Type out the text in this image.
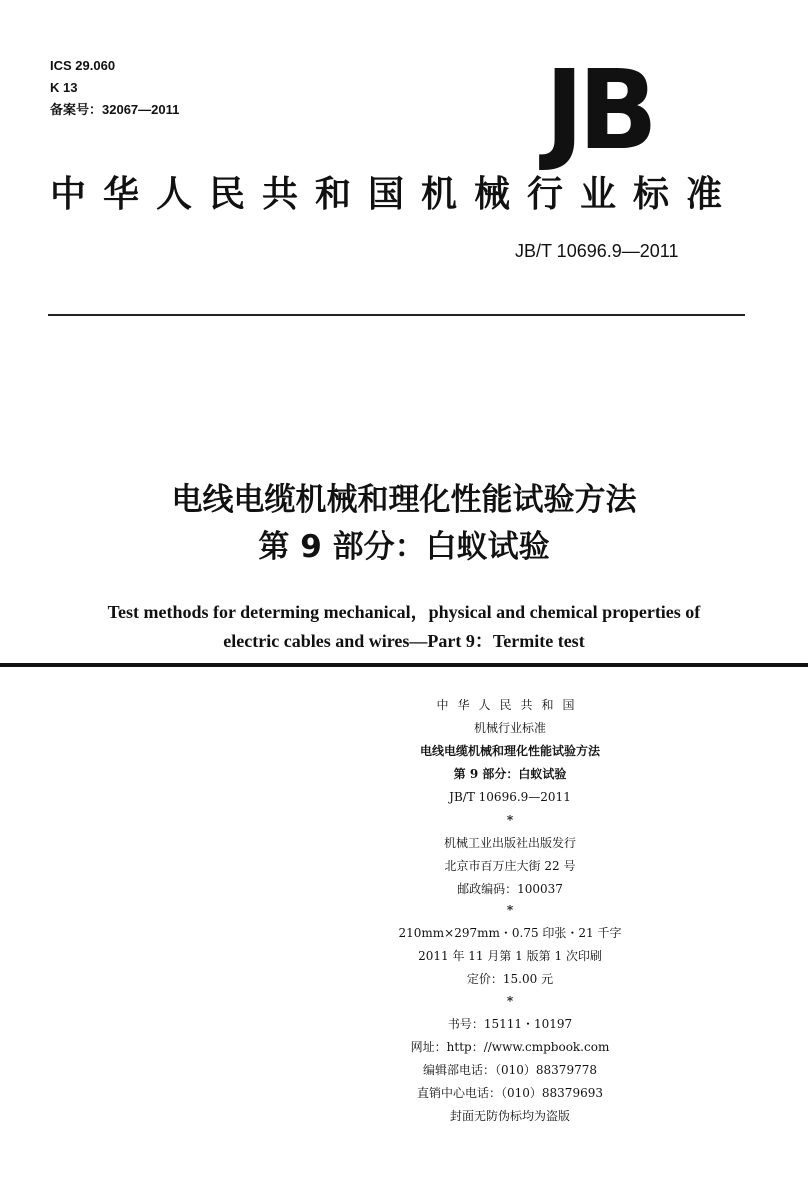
ICS 29.060
K 13
备案号：32067—2011	JB
中华人民共和国机械行业标准
JB/T 10696.9—2011
电线电缆机械和理化性能试验方法
第 9 部分：白蚁试验
Test methods for determing mechanical，physical and chemical properties of
electric cables and wires—Part 9：Termite test
中华人民共和国
机械行业标准
电线电缆机械和理化性能试验方法
第 9 部分：白蚁试验
JB/T 10696.9—2011
*
机械工业出版社出版发行
北京市百万庄大街 22 号
邮政编码：100037
*
210mm×297mm・0.75 印张・21 千字
2011 年 11 月第 1 版第 1 次印刷
定价：15.00 元
*
书号：15111・10197
网址：http：//www.cmpbook.com
编辑部电话：（010）88379778
直销中心电话：（010）88379693
封面无防伪标均为盗版
